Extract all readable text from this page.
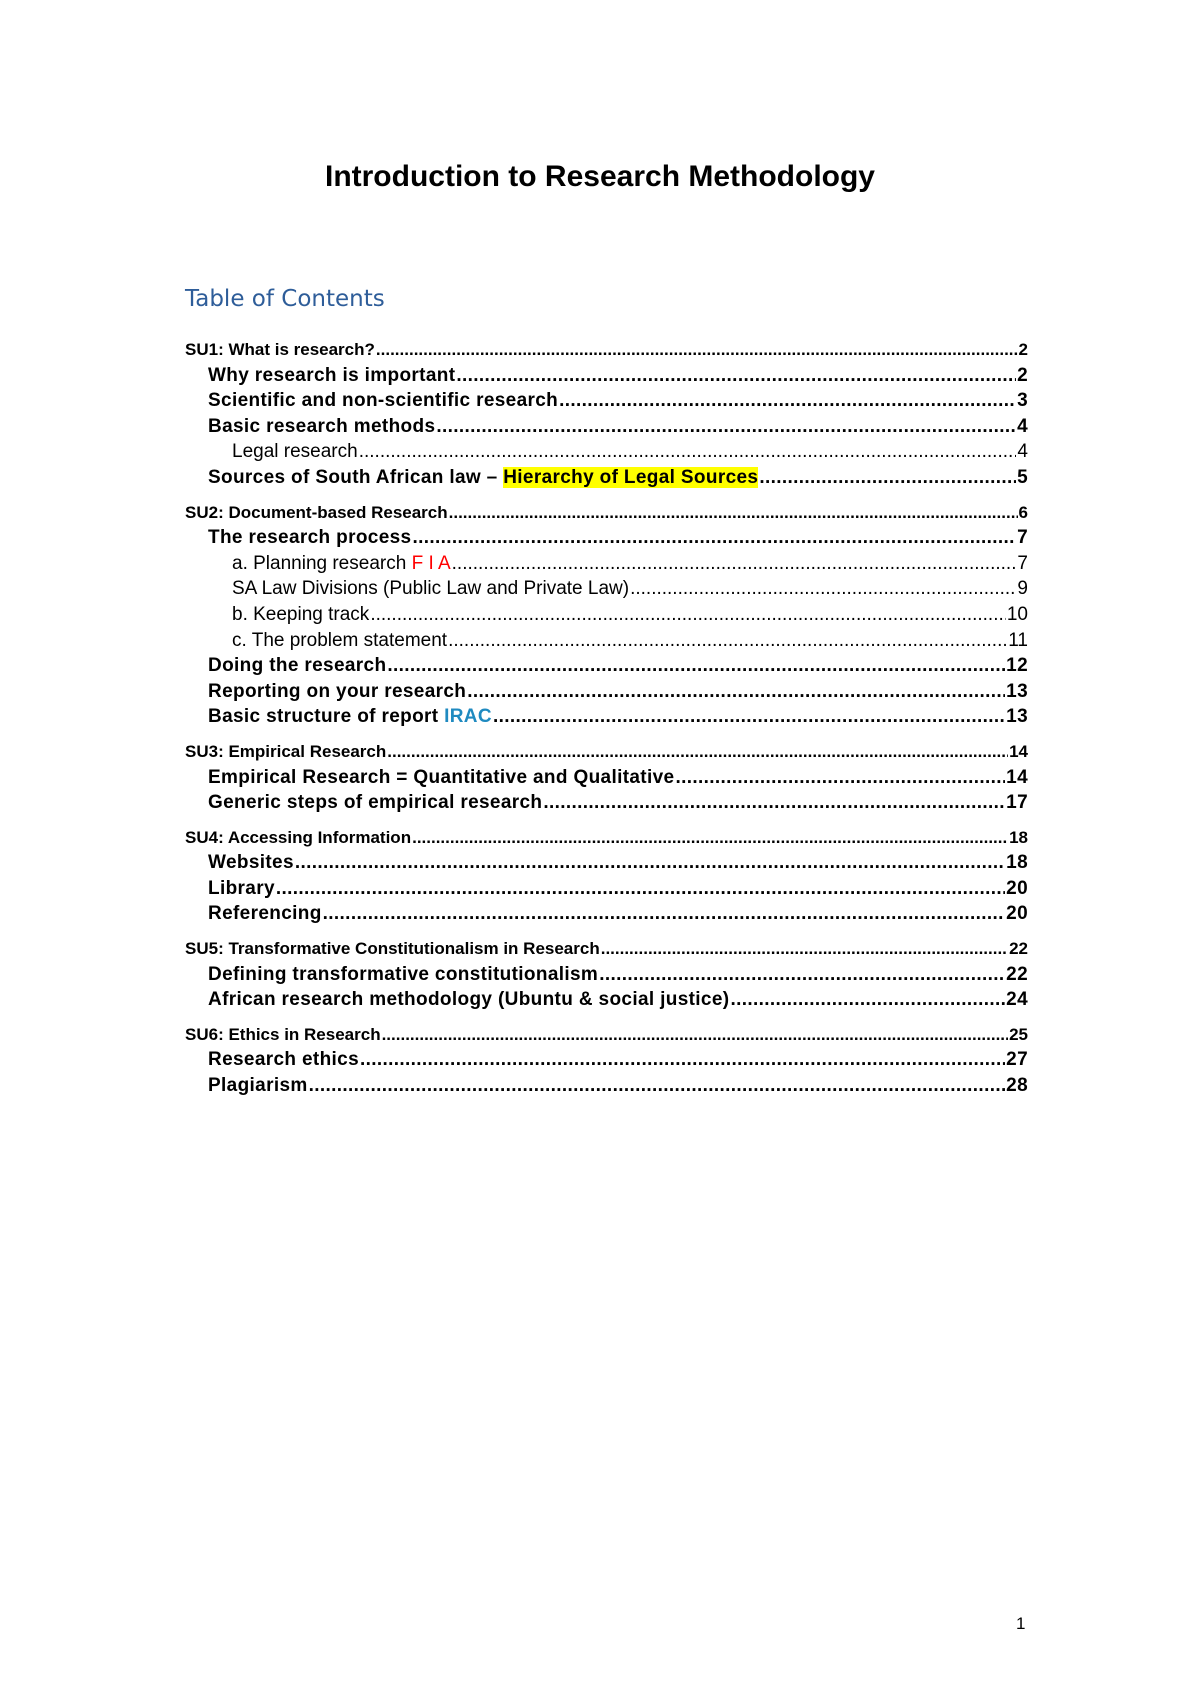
Introduction to Research Methodology
Table of Contents
SU1: What is research? .....	2
Why research is important .....	2
Scientific and non-scientific research .....	3
Basic research methods .....	4
Legal research .....	4
Sources of South African law – Hierarchy of Legal Sources .....	5
SU2: Document-based Research .....	6
The research process .....	7
a. Planning research F I A .....	7
SA Law Divisions (Public Law and Private Law) .....	9
b. Keeping track .....	10
c. The problem statement .....	11
Doing the research .....	12
Reporting on your research .....	13
Basic structure of report IRAC .....	13
SU3: Empirical Research .....	14
Empirical Research = Quantitative and Qualitative .....	14
Generic steps of empirical research .....	17
SU4: Accessing Information .....	18
Websites .....	18
Library .....	20
Referencing .....	20
SU5: Transformative Constitutionalism in Research .....	22
Defining transformative constitutionalism .....	22
African research methodology (Ubuntu & social justice) .....	24
SU6: Ethics in Research .....	25
Research ethics .....	27
Plagiarism .....	28
1
